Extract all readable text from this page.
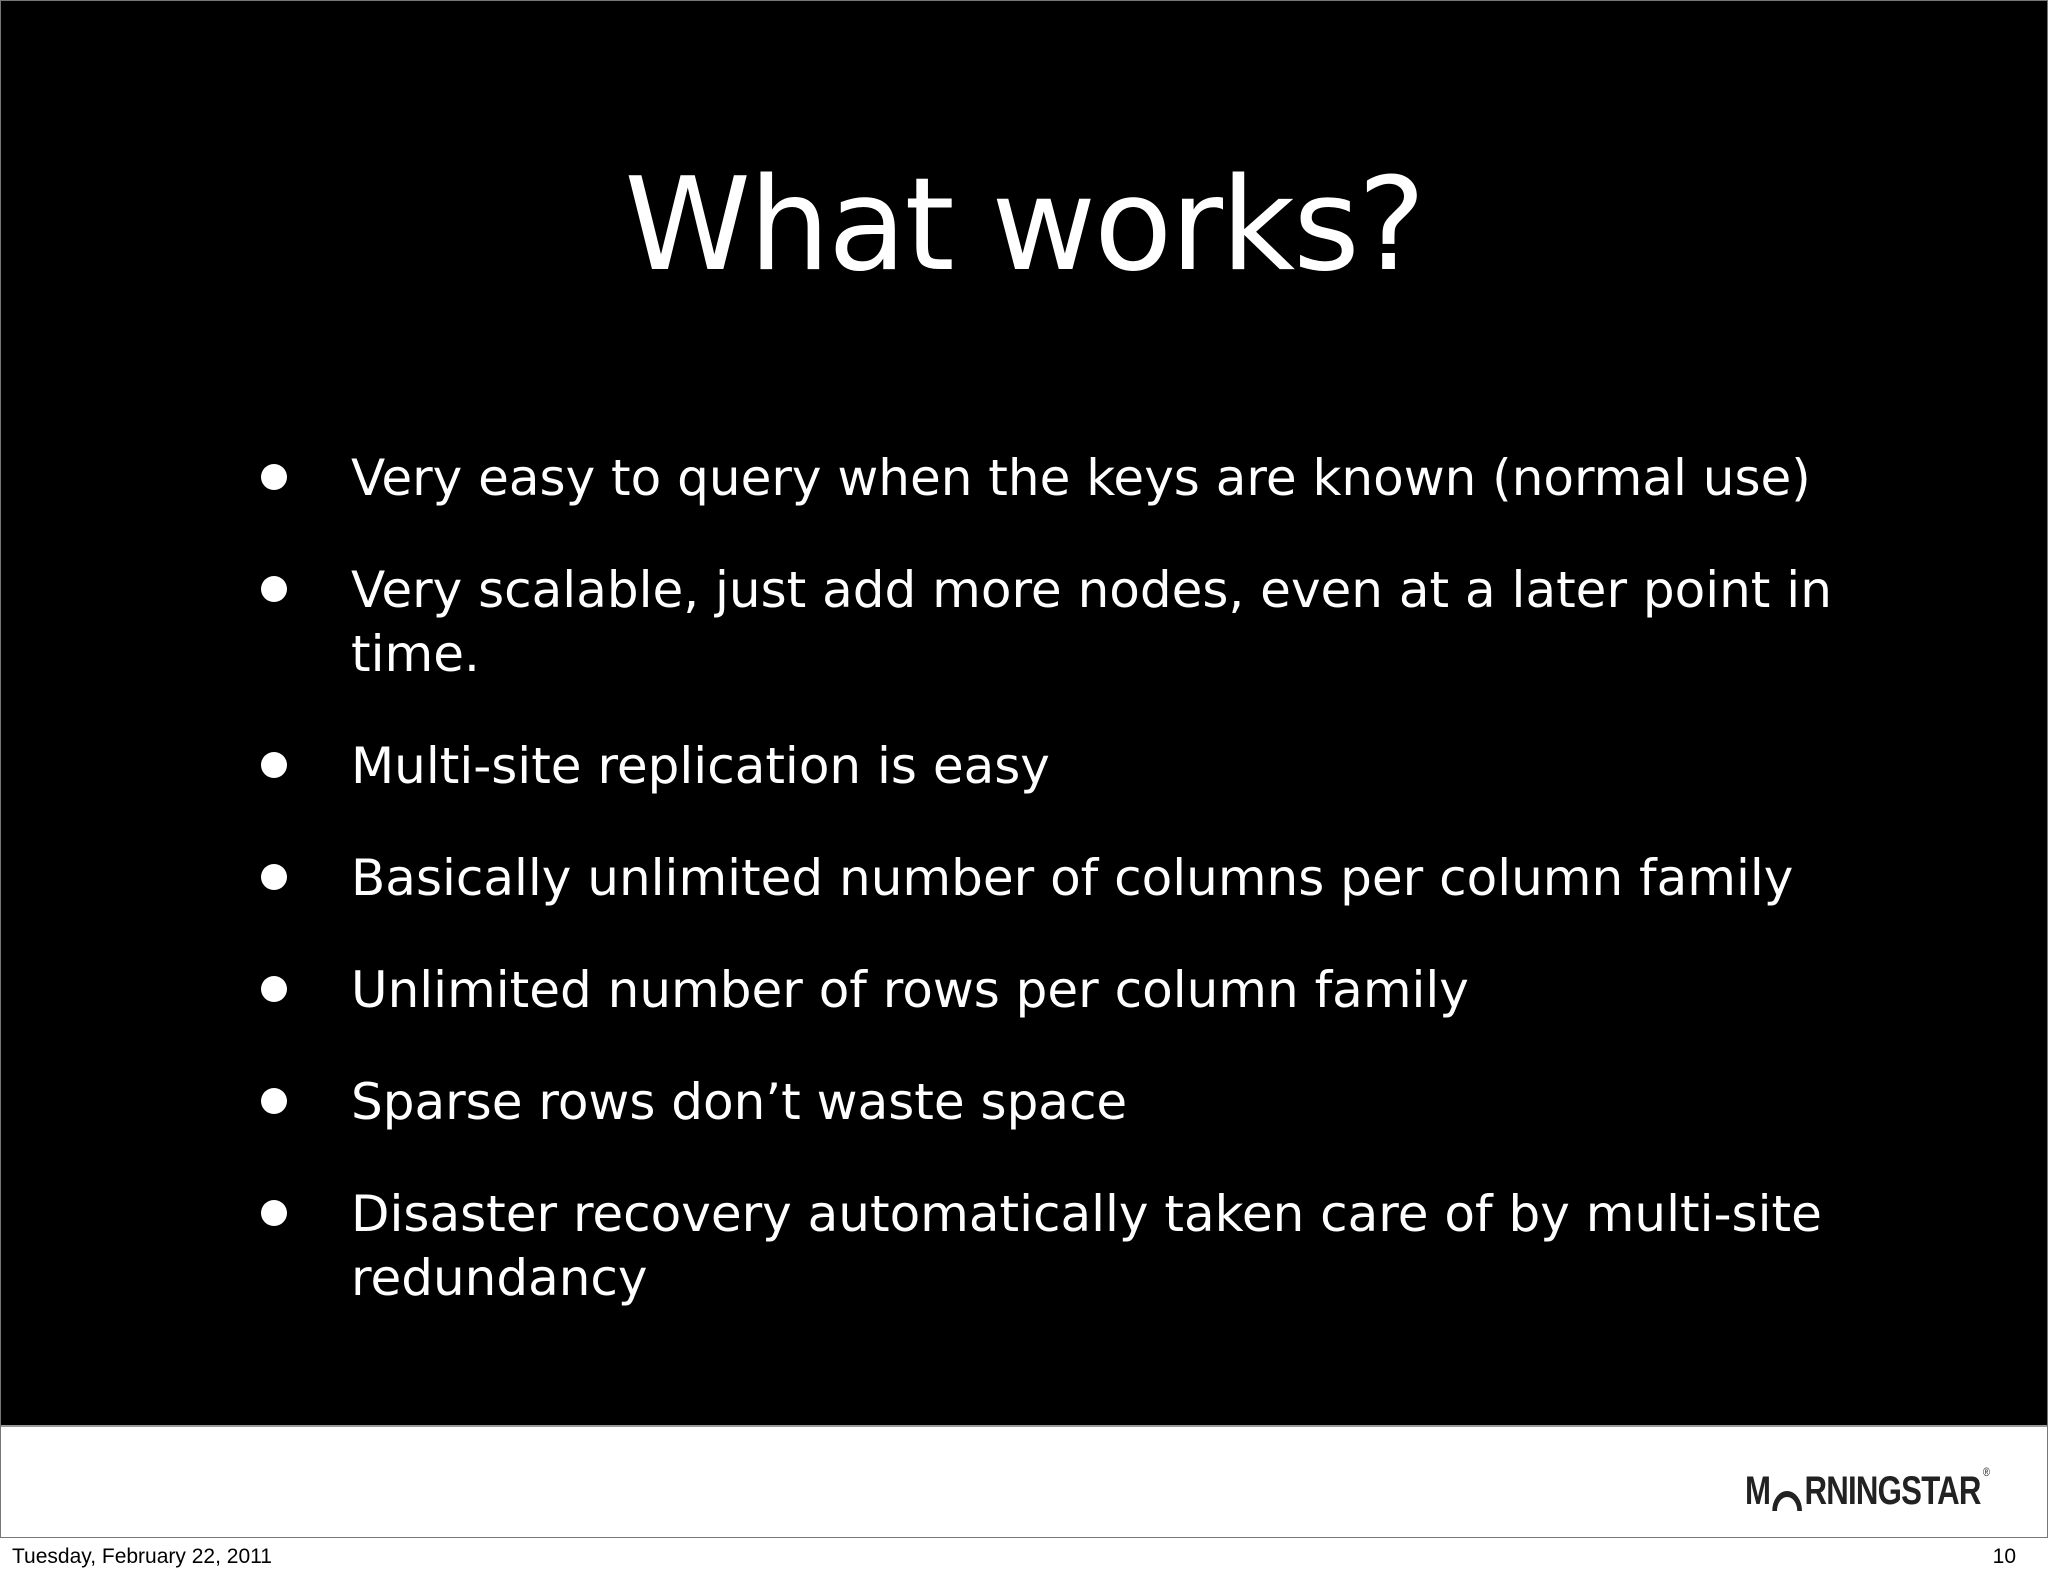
What works?
Very easy to query when the keys are known (normal use)
Very scalable, just add more nodes, even at a later point in time.
Multi-site replication is easy
Basically unlimited number of columns per column family
Unlimited number of rows per column family
Sparse rows don’t waste space
Disaster recovery automatically taken care of by multi-site redundancy
M RNINGSTAR ®
Tuesday, February 22, 2011	10
